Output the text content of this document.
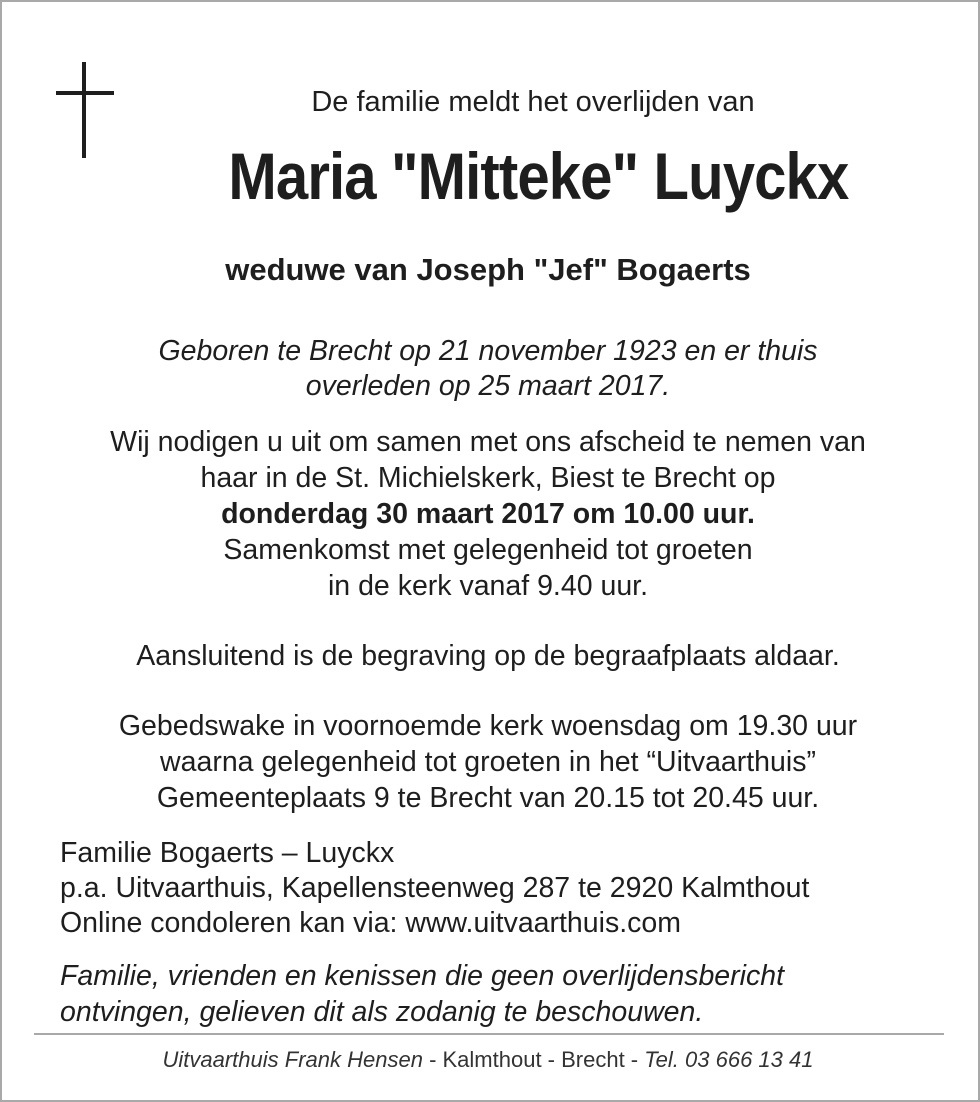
De familie meldt het overlijden van
Maria "Mitteke" Luyckx
weduwe van Joseph "Jef" Bogaerts
Geboren te Brecht op 21 november 1923 en er thuis
overleden op 25 maart 2017.
Wij nodigen u uit om samen met ons afscheid te nemen van
haar in de St. Michielskerk, Biest te Brecht op
donderdag 30 maart 2017 om 10.00 uur.
Samenkomst met gelegenheid tot groeten
in de kerk vanaf 9.40 uur.
Aansluitend is de begraving op de begraafplaats aldaar.
Gebedswake in voornoemde kerk woensdag om 19.30 uur
waarna gelegenheid tot groeten in het “Uitvaarthuis”
Gemeenteplaats 9 te Brecht van 20.15 tot 20.45 uur.
Familie Bogaerts – Luyckx
p.a. Uitvaarthuis, Kapellensteenweg 287 te 2920 Kalmthout
Online condoleren kan via: www.uitvaarthuis.com
Familie, vrienden en kenissen die geen overlijdensbericht
ontvingen, gelieven dit als zodanig te beschouwen.
Uitvaarthuis Frank Hensen - Kalmthout - Brecht - Tel. 03 666 13 41
